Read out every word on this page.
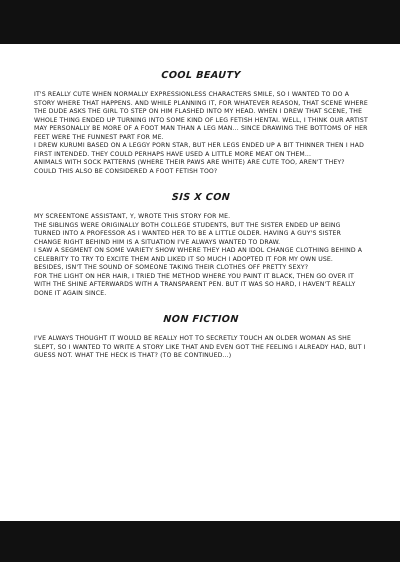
COOL BEAUTY

IT'S REALLY CUTE WHEN NORMALLY EXPRESSIONLESS CHARACTERS SMILE, SO I WANTED TO DO A STORY WHERE THAT HAPPENS. AND WHILE PLANNING IT, FOR WHATEVER REASON, THAT SCENE WHERE THE DUDE ASKS THE GIRL TO STEP ON HIM FLASHED INTO MY HEAD. WHEN I DREW THAT SCENE, THE WHOLE THING ENDED UP TURNING INTO SOME KIND OF LEG FETISH HENTAI. WELL, I THINK OUR ARTIST MAY PERSONALLY BE MORE OF A FOOT MAN THAN A LEG MAN... SINCE DRAWING THE BOTTOMS OF HER FEET WERE THE FUNNEST PART FOR ME.

I DREW KURUMI BASED ON A LEGGY PORN STAR, BUT HER LEGS ENDED UP A BIT THINNER THEN I HAD FIRST INTENDED. THEY COULD PERHAPS HAVE USED A LITTLE MORE MEAT ON THEM...

ANIMALS WITH SOCK PATTERNS (WHERE THEIR PAWS ARE WHITE) ARE CUTE TOO, AREN'T THEY? COULD THIS ALSO BE CONSIDERED A FOOT FETISH TOO?

SIS X CON

MY SCREENTONE ASSISTANT, Y, WROTE THIS STORY FOR ME.

THE SIBLINGS WERE ORIGINALLY BOTH COLLEGE STUDENTS, BUT THE SISTER ENDED UP BEING TURNED INTO A PROFESSOR AS I WANTED HER TO BE A LITTLE OLDER. HAVING A GUY'S SISTER CHANGE RIGHT BEHIND HIM IS A SITUATION I'VE ALWAYS WANTED TO DRAW.

I SAW A SEGMENT ON SOME VARIETY SHOW WHERE THEY HAD AN IDOL CHANGE CLOTHING BEHIND A CELEBRITY TO TRY TO EXCITE THEM AND LIKED IT SO MUCH I ADOPTED IT FOR MY OWN USE.

BESIDES, ISN'T THE SOUND OF SOMEONE TAKING THEIR CLOTHES OFF PRETTY SEXY?

FOR THE LIGHT ON HER HAIR, I TRIED THE METHOD WHERE YOU PAINT IT BLACK, THEN GO OVER IT WITH THE SHINE AFTERWARDS WITH A TRANSPARENT PEN. BUT IT WAS SO HARD, I HAVEN'T REALLY DONE IT AGAIN SINCE.

NON FICTION

I'VE ALWAYS THOUGHT IT WOULD BE REALLY HOT TO SECRETLY TOUCH AN OLDER WOMAN AS SHE SLEPT, SO I WANTED TO WRITE A STORY LIKE THAT AND EVEN GOT THE FEELING I ALREADY HAD, BUT I GUESS NOT. WHAT THE HECK IS THAT? (TO BE CONTINUED...)
